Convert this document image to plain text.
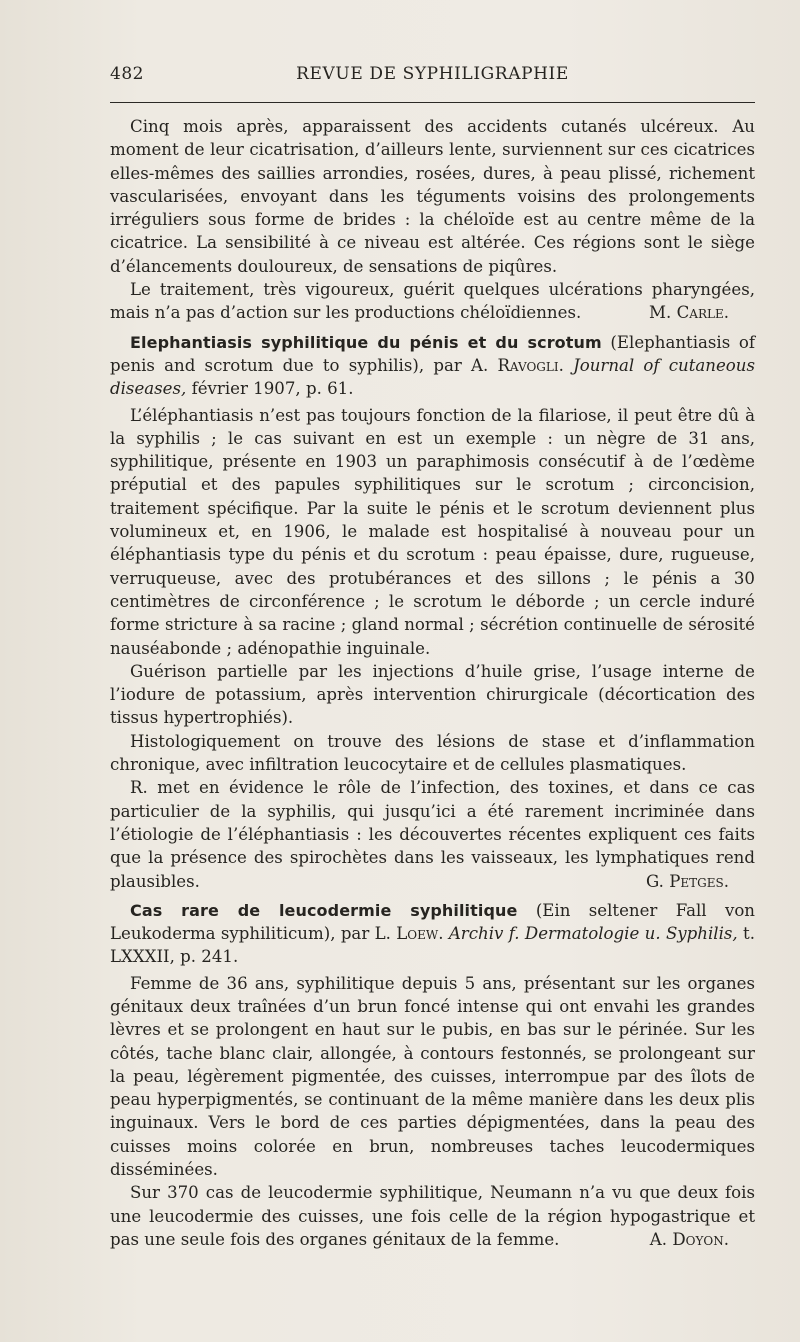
482	REVUE DE SYPHILIGRAPHIE

Cinq mois après, apparaissent des accidents cutanés ulcéreux. Au moment de leur cicatrisation, d’ailleurs lente, surviennent sur ces cicatrices elles-mêmes des saillies arrondies, rosées, dures, à peau plissé, richement vascularisées, envoyant dans les téguments voisins des prolongements irréguliers sous forme de brides : la chéloïde est au centre même de la cicatrice. La sensibilité à ce niveau est altérée. Ces régions sont le siège d’élancements douloureux, de sensations de piqûres.

Le traitement, très vigoureux, guérit quelques ulcérations pharyngées, mais n’a pas d’action sur les productions chéloïdiennes.	M. Carle.

Elephantiasis syphilitique du pénis et du scrotum (Elephantiasis of penis and scrotum due to syphilis), par A. Ravogli. Journal of cutaneous diseases, février 1907, p. 61.

L’éléphantiasis n’est pas toujours fonction de la filariose, il peut être dû à la syphilis ; le cas suivant en est un exemple : un nègre de 31 ans, syphilitique, présente en 1903 un paraphimosis consécutif à de l’œdème préputial et des papules syphilitiques sur le scrotum ; circoncision, traitement spécifique. Par la suite le pénis et le scrotum deviennent plus volumineux et, en 1906, le malade est hospitalisé à nouveau pour un éléphantiasis type du pénis et du scrotum : peau épaisse, dure, rugueuse, verruqueuse, avec des protubérances et des sillons ; le pénis a 30 centimètres de circonférence ; le scrotum le déborde ; un cercle induré forme stricture à sa racine ; gland normal ; sécrétion continuelle de sérosité nauséabonde ; adénopathie inguinale.

Guérison partielle par les injections d’huile grise, l’usage interne de l’iodure de potassium, après intervention chirurgicale (décortication des tissus hypertrophiés).

Histologiquement on trouve des lésions de stase et d’inflammation chronique, avec infiltration leucocytaire et de cellules plasmatiques.

R. met en évidence le rôle de l’infection, des toxines, et dans ce cas particulier de la syphilis, qui jusqu’ici a été rarement incriminée dans l’étiologie de l’éléphantiasis : les découvertes récentes expliquent ces faits que la présence des spirochètes dans les vaisseaux, les lymphatiques rend plausibles.	G. Petges.

Cas rare de leucodermie syphilitique (Ein seltener Fall von Leukoderma syphiliticum), par L. Loew. Archiv f. Dermatologie u. Syphilis, t. LXXXII, p. 241.

Femme de 36 ans, syphilitique depuis 5 ans, présentant sur les organes génitaux deux traînées d’un brun foncé intense qui ont envahi les grandes lèvres et se prolongent en haut sur le pubis, en bas sur le périnée. Sur les côtés, tache blanc clair, allongée, à contours festonnés, se prolongeant sur la peau, légèrement pigmentée, des cuisses, interrompue par des îlots de peau hyperpigmentés, se continuant de la même manière dans les deux plis inguinaux. Vers le bord de ces parties dépigmentées, dans la peau des cuisses moins colorée en brun, nombreuses taches leucodermiques disséminées.

Sur 370 cas de leucodermie syphilitique, Neumann n’a vu que deux fois une leucodermie des cuisses, une fois celle de la région hypogastrique et pas une seule fois des organes génitaux de la femme.	A. Doyon.
